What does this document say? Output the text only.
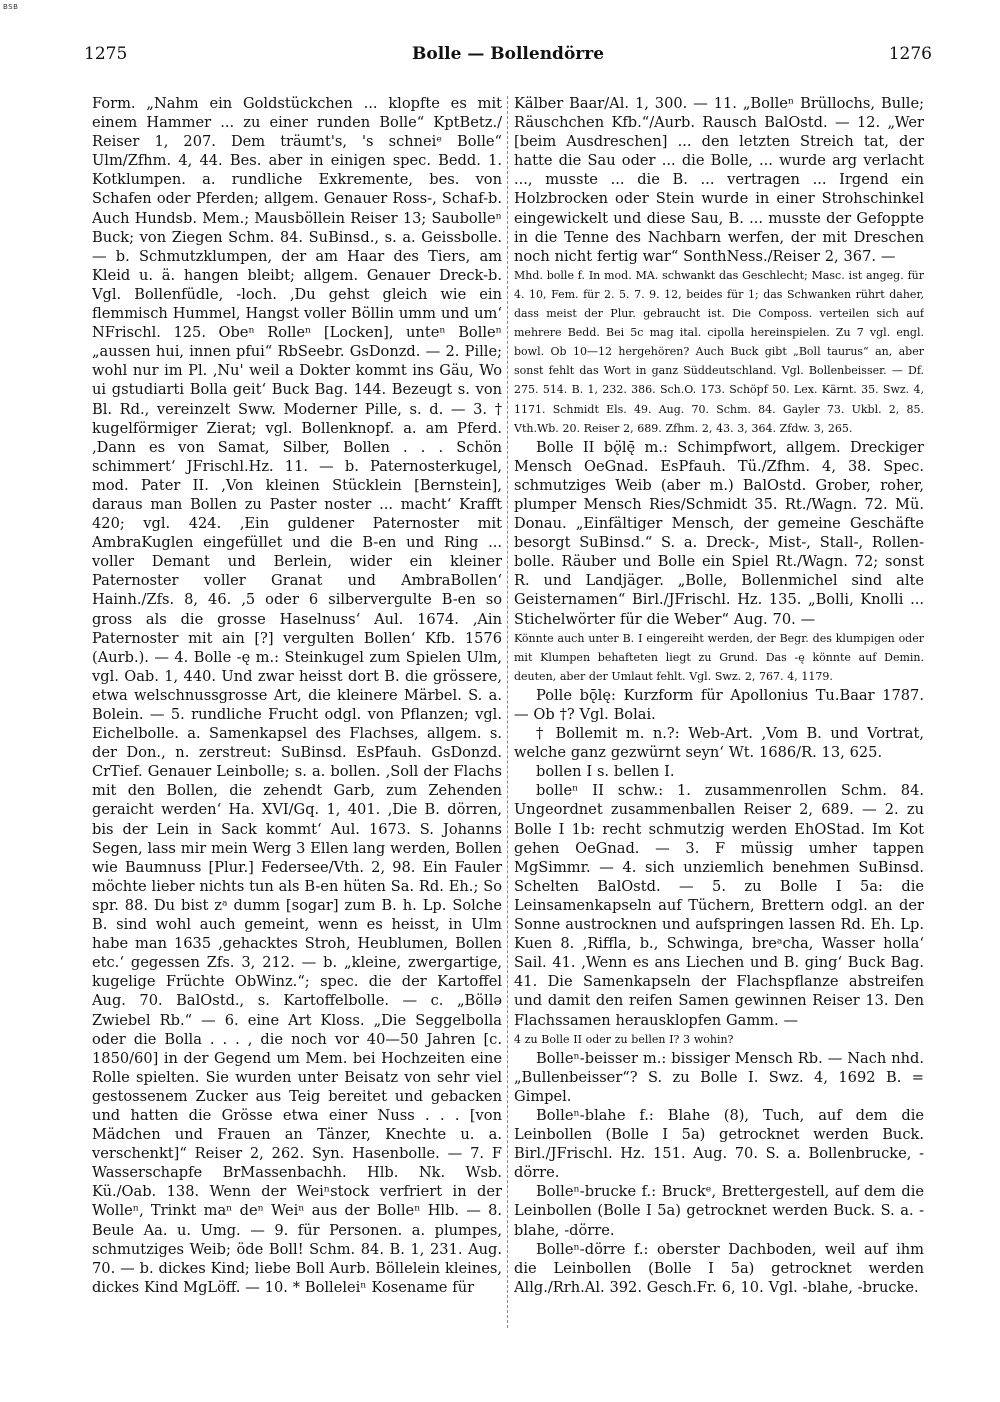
BSB
1275	Bolle — Bollendörre	1276

Form. „Nahm ein Goldstückchen ... klopfte es mit einem Hammer ... zu einer runden Bolle“ KptBetz./ Reiser 1, 207. Dem träumt's, 's schneiᵉ Bolle“ Ulm/Zfhm. 4, 44. Bes. aber in einigen spec. Bedd. 1. Kotklumpen. a. rundliche Exkremente, bes. von Schafen oder Pferden; allgem. Genauer Ross-, Schaf-b. Auch Hundsb. Mem.; Mausböllein Reiser 13; Saubolleⁿ Buck; von Ziegen Schm. 84. SuBinsd., s. a. Geissbolle. — b. Schmutzklumpen, der am Haar des Tiers, am Kleid u. ä. hangen bleibt; allgem. Genauer Dreck-b. Vgl. Bollenfüdle, -loch. ‚Du gehst gleich wie ein flemmisch Hummel, Hangst voller Böllin umm und um‘ NFrischl. 125. Obeⁿ Rolleⁿ [Locken], unteⁿ Bolleⁿ „aussen hui, innen pfui“ RbSeebr. GsDonzd. — 2. Pille; wohl nur im Pl. ‚Nu' weil a Dokter kommt ins Gäu, Wo ui gstudiarti Bolla geit‘ Buck Bag. 144. Bezeugt s. von Bl. Rd., vereinzelt Sww. Moderner Pille, s. d. — 3. † kugelförmiger Zierat; vgl. Bollenknopf. a. am Pferd. ‚Dann es von Samat, Silber, Bollen . . . Schön schimmert‘ JFrischl.Hz. 11. — b. Paternosterkugel, mod. Pater II. ‚Von kleinen Stücklein [Bernstein], daraus man Bollen zu Paster noster ... macht‘ Krafft 420; vgl. 424. ‚Ein guldener Paternoster mit AmbraKuglen eingefüllet und die B-en und Ring ... voller Demant und Berlein, wider ein kleiner Paternoster voller Granat und AmbraBollen‘ Hainh./Zfs. 8, 46. ‚5 oder 6 silbervergulte B-en so gross als die grosse Haselnuss‘ Aul. 1674. ‚Ain Paternoster mit ain [?] vergulten Bollen‘ Kfb. 1576 (Aurb.). — 4. Bolle -ę m.: Steinkugel zum Spielen Ulm, vgl. Oab. 1, 440. Und zwar heisst dort B. die grössere, etwa welschnussgrosse Art, die kleinere Märbel. S. a. Bolein. — 5. rundliche Frucht odgl. von Pflanzen; vgl. Eichelbolle. a. Samenkapsel des Flachses, allgem. s. der Don., n. zerstreut: SuBinsd. EsPfauh. GsDonzd. CrTief. Genauer Leinbolle; s. a. bollen. ‚Soll der Flachs mit den Bollen, die zehendt Garb, zum Zehenden geraicht werden‘ Ha. XVI/Gq. 1, 401. ‚Die B. dörren, bis der Lein in Sack kommt‘ Aul. 1673. S. Johanns Segen, lass mir mein Werg 3 Ellen lang werden, Bollen wie Baumnuss [Plur.] Federsee/Vth. 2, 98. Ein Fauler möchte lieber nichts tun als B-en hüten Sa. Rd. Eh.; So spr. 88. Du bist zᵃ dumm [sogar] zum B. h. Lp. Solche B. sind wohl auch gemeint, wenn es heisst, in Ulm habe man 1635 ‚gehacktes Stroh, Heublumen, Bollen etc.‘ gegessen Zfs. 3, 212. — b. „kleine, zwergartige, kugelige Früchte ObWinz.“; spec. die der Kartoffel Aug. 70. BalOstd., s. Kartoffelbolle. — c. „Böllə Zwiebel Rb.“ — 6. eine Art Kloss. „Die Seggelbolla oder die Bolla . . . , die noch vor 40—50 Jahren [c. 1850/60] in der Gegend um Mem. bei Hochzeiten eine Rolle spielten. Sie wurden unter Beisatz von sehr viel gestossenem Zucker aus Teig bereitet und gebacken und hatten die Grösse etwa einer Nuss . . . [von Mädchen und Frauen an Tänzer, Knechte u. a. verschenkt]“ Reiser 2, 262. Syn. Hasenbolle. — 7. F Wasserschapfe BrMassenbachh. Hlb. Nk. Wsb. Kü./Oab. 138. Wenn der Weiⁿstock verfriert in der Wolleⁿ, Trinkt maⁿ deⁿ Weiⁿ aus der Bolleⁿ Hlb. — 8. Beule Aa. u. Umg. — 9. für Personen. a. plumpes, schmutziges Weib; öde Boll! Schm. 84. B. 1, 231. Aug. 70. — b. dickes Kind; liebe Boll Aurb. Böllelein kleines, dickes Kind MgLöff. — 10. * Bolleleiⁿ Kosename für

Kälber Baar/Al. 1, 300. — 11. „Bolleⁿ Brüllochs, Bulle; Räuschchen Kfb.“/Aurb. Rausch BalOstd. — 12. „Wer [beim Ausdreschen] ... den letzten Streich tat, der hatte die Sau oder ... die Bolle, ... wurde arg verlacht ..., musste ... die B. ... vertragen ... Irgend ein Holzbrocken oder Stein wurde in einer Strohschinkel eingewickelt und diese Sau, B. ... musste der Gefoppte in die Tenne des Nachbarn werfen, der mit Dreschen noch nicht fertig war“ SonthNess./Reiser 2, 367. —

Mhd. bolle f. In mod. MA. schwankt das Geschlecht; Masc. ist angeg. für 4. 10, Fem. für 2. 5. 7. 9. 12, beides für 1; das Schwanken rührt daher, dass meist der Plur. gebraucht ist. Die Composs. verteilen sich auf mehrere Bedd. Bei 5c mag ital. cipolla hereinspielen. Zu 7 vgl. engl. bowl. Ob 10—12 hergehören? Auch Buck gibt „Boll taurus“ an, aber sonst fehlt das Wort in ganz Süddeutschland. Vgl. Bollenbeisser. — Df. 275. 514. B. 1, 232. 386. Sch.O. 173. Schöpf 50. Lex. Kärnt. 35. Swz. 4, 1171. Schmidt Els. 49. Aug. 70. Schm. 84. Gayler 73. Ukbl. 2, 85. Vth.Wb. 20. Reiser 2, 689. Zfhm. 2, 43. 3, 364. Zfdw. 3, 265.

Bolle II bǫ̈lę̄ m.: Schimpfwort, allgem. Dreckiger Mensch OeGnad. EsPfauh. Tü./Zfhm. 4, 38. Spec. schmutziges Weib (aber m.) BalOstd. Grober, roher, plumper Mensch Ries/Schmidt 35. Rt./Wagn. 72. Mü. Donau. „Einfältiger Mensch, der gemeine Geschäfte besorgt SuBinsd.“ S. a. Dreck-, Mist-, Stall-, Rollen-bolle. Räuber und Bolle ein Spiel Rt./Wagn. 72; sonst R. und Landjäger. „Bolle, Bollenmichel sind alte Geisternamen“ Birl./JFrischl. Hz. 135. „Bolli, Knolli ... Stichelwörter für die Weber“ Aug. 70. —

Könnte auch unter B. I eingereiht werden, der Begr. des klumpigen oder mit Klumpen behafteten liegt zu Grund. Das -ę könnte auf Demin. deuten, aber der Umlaut fehlt. Vgl. Swz. 2, 767. 4, 1179.

Polle bǭlę: Kurzform für Apollonius Tu.Baar 1787. — Ob †? Vgl. Bolai.

† Bollemit m. n.?: Web-Art. ‚Vom B. und Vortrat, welche ganz gezwürnt seyn‘ Wt. 1686/R. 13, 625.

bollen I s. bellen I.

bolleⁿ II schw.: 1. zusammenrollen Schm. 84. Ungeordnet zusammenballen Reiser 2, 689. — 2. zu Bolle I 1b: recht schmutzig werden EhOStad. Im Kot gehen OeGnad. — 3. F müssig umher tappen MgSimmr. — 4. sich unziemlich benehmen SuBinsd. Schelten BalOstd. — 5. zu Bolle I 5a: die Leinsamenkapseln auf Tüchern, Brettern odgl. an der Sonne austrocknen und aufspringen lassen Rd. Eh. Lp. Kuen 8. ‚Riffla, b., Schwinga, breᵃcha, Wasser holla‘ Sail. 41. ‚Wenn es ans Liechen und B. ging‘ Buck Bag. 41. Die Samenkapseln der Flachspflanze abstreifen und damit den reifen Samen gewinnen Reiser 13. Den Flachssamen herausklopfen Gamm. —

4 zu Bolle II oder zu bellen I? 3 wohin?

Bolleⁿ-beisser m.: bissiger Mensch Rb. — Nach nhd. „Bullenbeisser“? S. zu Bolle I. Swz. 4, 1692 B. = Gimpel.

Bolleⁿ-blahe f.: Blahe (8), Tuch, auf dem die Leinbollen (Bolle I 5a) getrocknet werden Buck. Birl./JFrischl. Hz. 151. Aug. 70. S. a. Bollenbrucke, -dörre.

Bolleⁿ-brucke f.: Bruckᵉ, Brettergestell, auf dem die Leinbollen (Bolle I 5a) getrocknet werden Buck. S. a. -blahe, -dörre.

Bolleⁿ-dörre f.: oberster Dachboden, weil auf ihm die Leinbollen (Bolle I 5a) getrocknet werden Allg./Rrh.Al. 392. Gesch.Fr. 6, 10. Vgl. -blahe, -brucke.
